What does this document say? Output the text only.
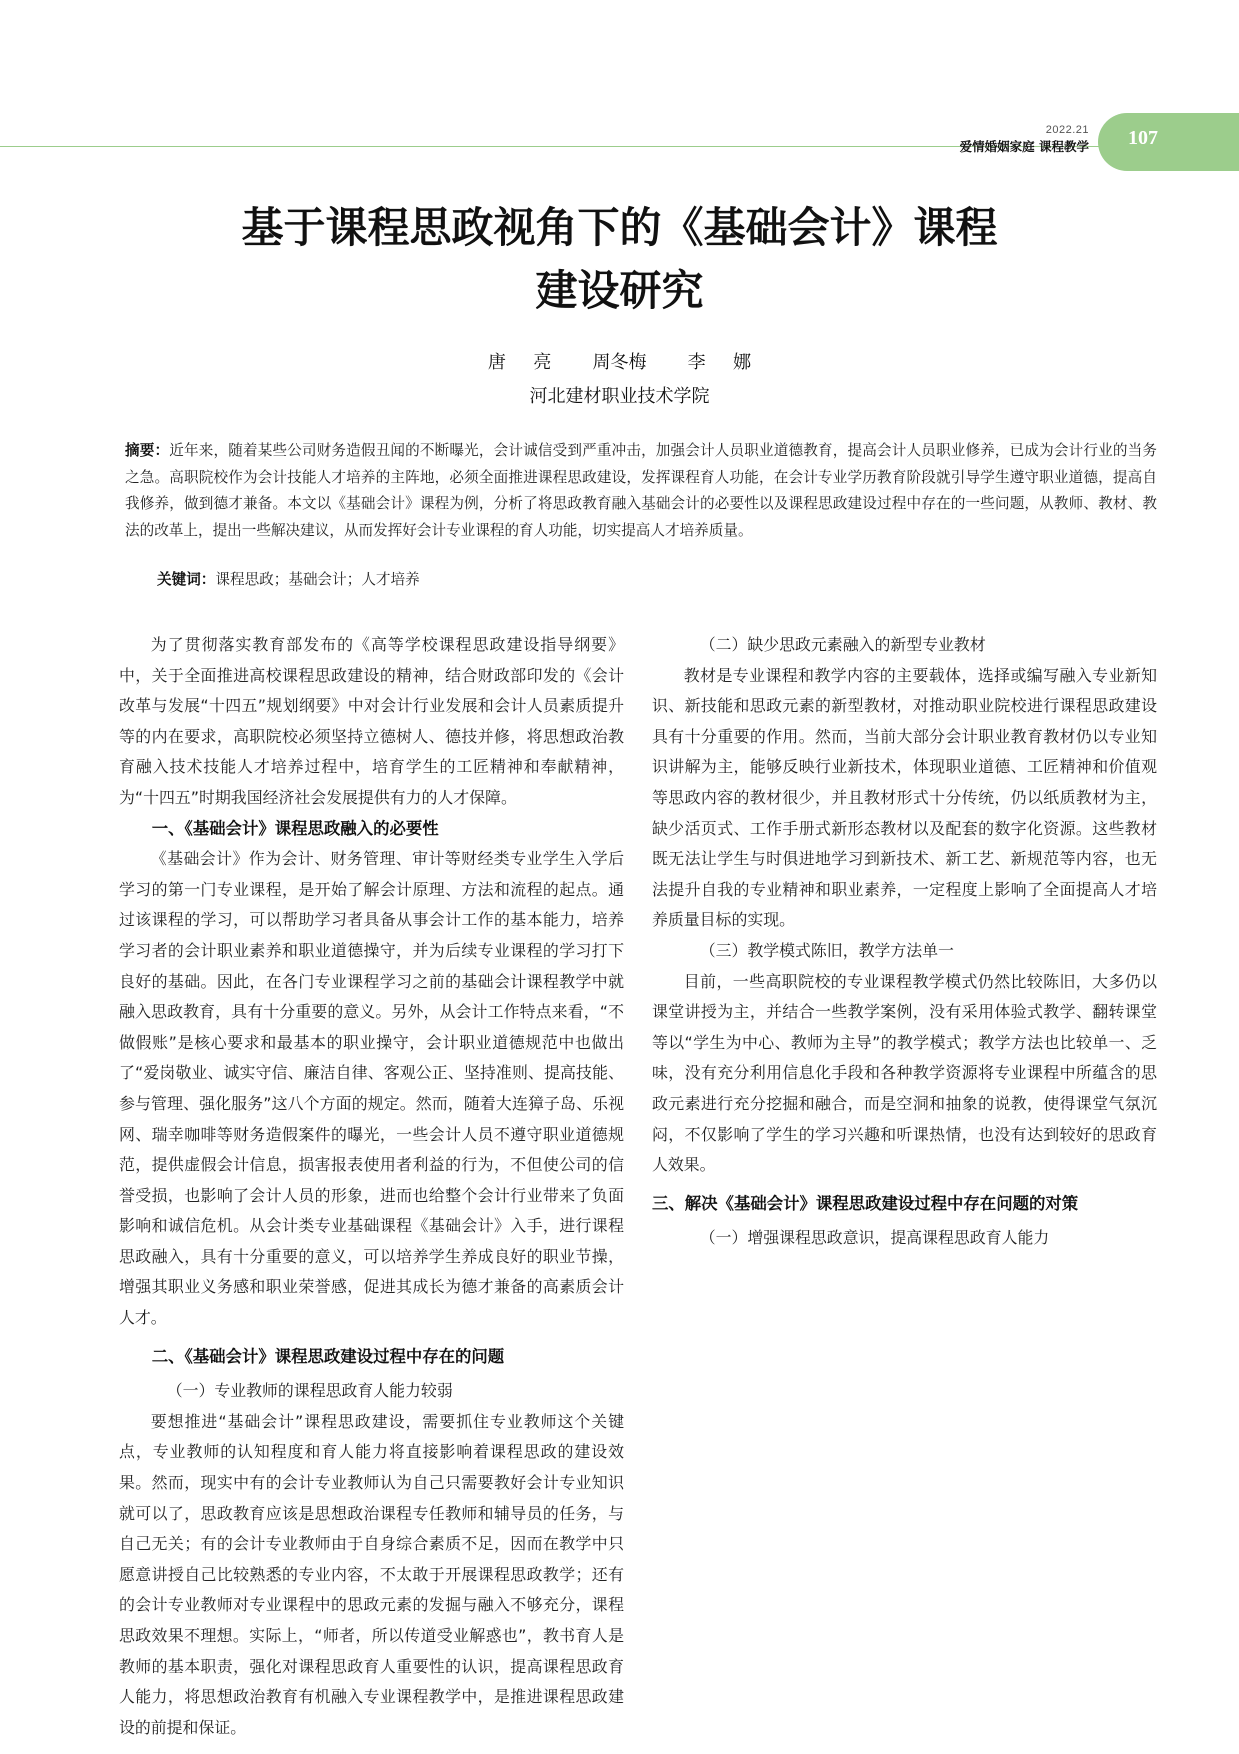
2022.21
爱情婚姻家庭 课程教学 107
基于课程思政视角下的《基础会计》课程
建设研究
唐  亮   周冬梅   李  娜
河北建材职业技术学院
摘要：近年来，随着某些公司财务造假丑闻的不断曝光，会计诚信受到严重冲击，加强会计人员职业道德教育，提高会计人员职业修养，已成为会计行业的当务之急。高职院校作为会计技能人才培养的主阵地，必须全面推进课程思政建设，发挥课程育人功能，在会计专业学历教育阶段就引导学生遵守职业道德，提高自我修养，做到德才兼备。本文以《基础会计》课程为例，分析了将思政教育融入基础会计的必要性以及课程思政建设过程中存在的一些问题，从教师、教材、教法的改革上，提出一些解决建议，从而发挥好会计专业课程的育人功能，切实提高人才培养质量。
关键词：课程思政；基础会计；人才培养

为了贯彻落实教育部发布的《高等学校课程思政建设指导纲要》中，关于全面推进高校课程思政建设的精神，结合财政部印发的《会计改革与发展“十四五”规划纲要》中对会计行业发展和会计人员素质提升等的内在要求，高职院校必须坚持立德树人、德技并修，将思想政治教育融入技术技能人才培养过程中，培育学生的工匠精神和奉献精神，为“十四五”时期我国经济社会发展提供有力的人才保障。

一、《基础会计》课程思政融入的必要性

《基础会计》作为会计、财务管理、审计等财经类专业学生入学后学习的第一门专业课程，是开始了解会计原理、方法和流程的起点。通过该课程的学习，可以帮助学习者具备从事会计工作的基本能力，培养学习者的会计职业素养和职业道德操守，并为后续专业课程的学习打下良好的基础。因此，在各门专业课程学习之前的基础会计课程教学中就融入思政教育，具有十分重要的意义。另外，从会计工作特点来看，“不做假账”是核心要求和最基本的职业操守，会计职业道德规范中也做出了“爱岗敬业、诚实守信、廉洁自律、客观公正、坚持准则、提高技能、参与管理、强化服务”这八个方面的规定。然而，随着大连獐子岛、乐视网、瑞幸咖啡等财务造假案件的曝光，一些会计人员不遵守职业道德规范，提供虚假会计信息，损害报表使用者利益的行为，不但使公司的信誉受损，也影响了会计人员的形象，进而也给整个会计行业带来了负面影响和诚信危机。从会计类专业基础课程《基础会计》入手，进行课程思政融入，具有十分重要的意义，可以培养学生养成良好的职业节操，增强其职业义务感和职业荣誉感，促进其成长为德才兼备的高素质会计人才。

二、《基础会计》课程思政建设过程中存在的问题
（一）专业教师的课程思政育人能力较弱

要想推进“基础会计”课程思政建设，需要抓住专业教师这个关键点，专业教师的认知程度和育人能力将直接影响着课程思政的建设效果。然而，现实中有的会计专业教师认为自己只需要教好会计专业知识就可以了，思政教育应该是思想政治课程专任教师和辅导员的任务，与自己无关；有的会计专业教师由于自身综合素质不足，因而在教学中只愿意讲授自己比较熟悉的专业内容，不太敢于开展课程思政教学；还有的会计专业教师对专业课程中的思政元素的发掘与融入不够充分，课程思政效果不理想。实际上，“师者，所以传道受业解惑也”，教书育人是教师的基本职责，强化对课程思政育人重要性的认识，提高课程思政育人能力，将思想政治教育有机融入专业课程教学中，是推进课程思政建设的前提和保证。

（二）缺少思政元素融入的新型专业教材

教材是专业课程和教学内容的主要载体，选择或编写融入专业新知识、新技能和思政元素的新型教材，对推动职业院校进行课程思政建设具有十分重要的作用。然而，当前大部分会计职业教育教材仍以专业知识讲解为主，能够反映行业新技术，体现职业道德、工匠精神和价值观等思政内容的教材很少，并且教材形式十分传统，仍以纸质教材为主，缺少活页式、工作手册式新形态教材以及配套的数字化资源。这些教材既无法让学生与时俱进地学习到新技术、新工艺、新规范等内容，也无法提升自我的专业精神和职业素养，一定程度上影响了全面提高人才培养质量目标的实现。

（三）教学模式陈旧，教学方法单一

目前，一些高职院校的专业课程教学模式仍然比较陈旧，大多仍以课堂讲授为主，并结合一些教学案例，没有采用体验式教学、翻转课堂等以“学生为中心、教师为主导”的教学模式；教学方法也比较单一、乏味，没有充分利用信息化手段和各种教学资源将专业课程中所蕴含的思政元素进行充分挖掘和融合，而是空洞和抽象的说教，使得课堂气氛沉闷，不仅影响了学生的学习兴趣和听课热情，也没有达到较好的思政育人效果。

三、解决《基础会计》课程思政建设过程中存在问题的对策
（一）增强课程思政意识，提高课程思政育人能力
